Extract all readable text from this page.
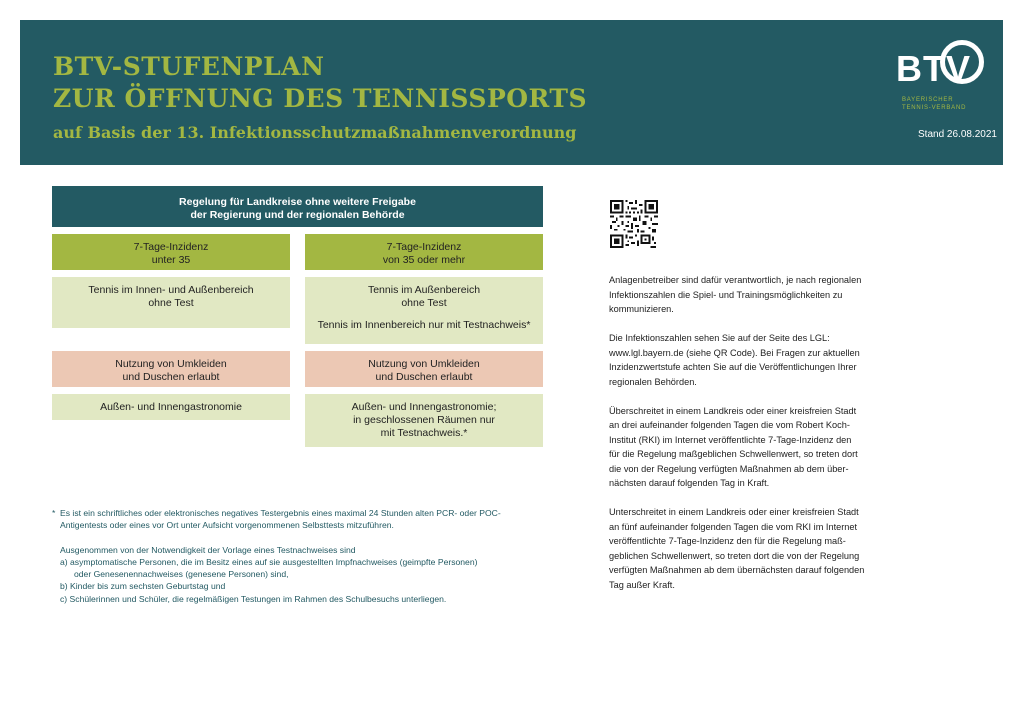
BTV-STUFENPLAN
ZUR ÖFFNUNG DES TENNISSPORTS
auf Basis der 13. Infektionsschutzmaßnahmenverordnung
BTV
BAYERISCHER
TENNIS-VERBAND
Stand 26.08.2021
Regelung für Landkreise ohne weitere Freigabe
der Regierung und der regionalen Behörde
7-Tage-Inzidenz
unter 35
Tennis im Innen- und Außenbereich
ohne Test
Nutzung von Umkleiden
und Duschen erlaubt
Außen- und Innengastronomie
7-Tage-Inzidenz
von 35 oder mehr
Tennis im Außenbereich
ohne Test
Tennis im Innenbereich nur mit Testnachweis*
Nutzung von Umkleiden
und Duschen erlaubt
Außen- und Innengastronomie;
in geschlossenen Räumen nur
mit Testnachweis.*
* Es ist ein schriftliches oder elektronisches negatives Testergebnis eines maximal 24 Stunden alten PCR- oder POC-
Antigentests oder eines vor Ort unter Aufsicht vorgenommenen Selbsttests mitzuführen.
Ausgenommen von der Notwendigkeit der Vorlage eines Testnachweises sind
a) asymptomatische Personen, die im Besitz eines auf sie ausgestellten Impfnachweises (geimpfte Personen)
oder Genesenennachweises (genesene Personen) sind,
b) Kinder bis zum sechsten Geburtstag und
c) Schülerinnen und Schüler, die regelmäßigen Testungen im Rahmen des Schulbesuchs unterliegen.
Anlagenbetreiber sind dafür verantwortlich, je nach regionalen
Infektionszahlen die Spiel- und Trainingsmöglichkeiten zu
kommunizieren.
Die Infektionszahlen sehen Sie auf der Seite des LGL:
www.lgl.bayern.de (siehe QR Code). Bei Fragen zur aktuellen
Inzidenzwertstufe achten Sie auf die Veröffentlichungen Ihrer
regionalen Behörden.
Überschreitet in einem Landkreis oder einer kreisfreien Stadt
an drei aufeinander folgenden Tagen die vom Robert Koch-
Institut (RKI) im Internet veröffentlichte 7-Tage-Inzidenz den
für die Regelung maßgeblichen Schwellenwert, so treten dort
die von der Regelung verfügten Maßnahmen ab dem über-
nächsten darauf folgenden Tag in Kraft.
Unterschreitet in einem Landkreis oder einer kreisfreien Stadt
an fünf aufeinander folgenden Tagen die vom RKI im Internet
veröffentlichte 7-Tage-Inzidenz den für die Regelung maß-
geblichen Schwellenwert, so treten dort die von der Regelung
verfügten Maßnahmen ab dem übernächsten darauf folgenden
Tag außer Kraft.
